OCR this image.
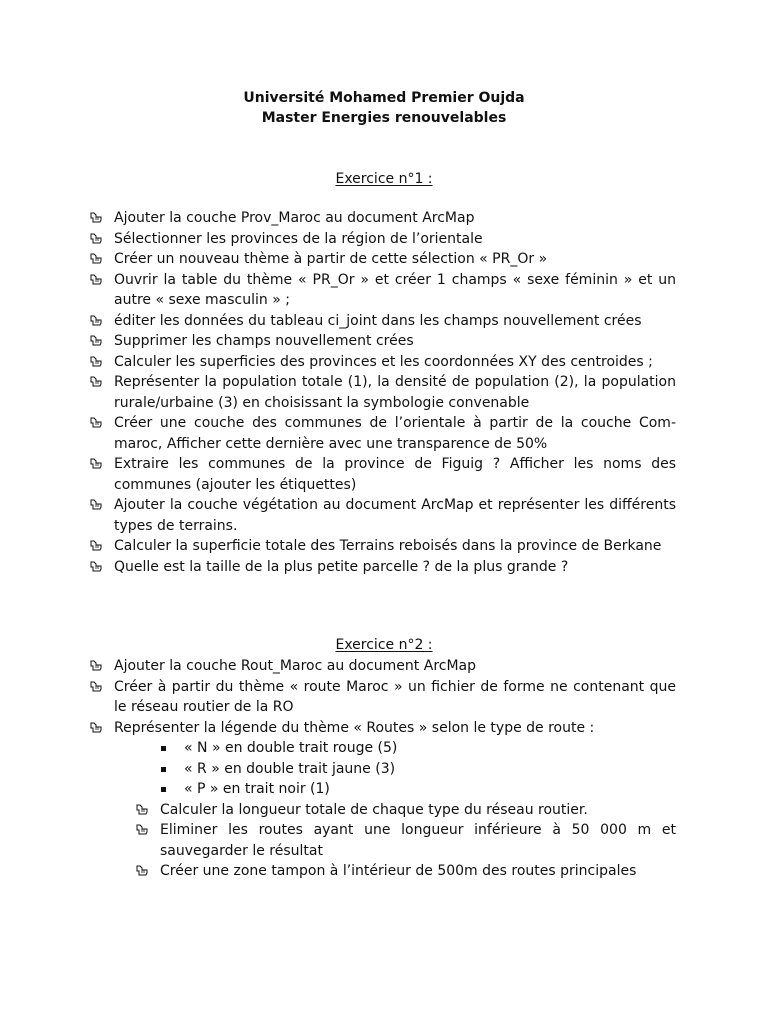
Université Mohamed Premier Oujda
Master Energies renouvelables
Exercice n°1 :
Ajouter la couche Prov_Maroc au document ArcMap
Sélectionner les provinces de la région de l’orientale
Créer un nouveau thème à partir de cette sélection « PR_Or »
Ouvrir la table du thème « PR_Or » et créer 1 champs « sexe féminin » et un autre « sexe masculin » ;
éditer les données du tableau ci_joint dans les champs nouvellement crées
Supprimer les champs nouvellement crées
Calculer les superficies des provinces et les coordonnées XY des centroides ;
Représenter la population totale (1), la densité de population (2), la population rurale/urbaine (3) en choisissant la symbologie convenable
Créer une couche des communes de l’orientale à partir de la couche Com-maroc, Afficher cette dernière avec une transparence de 50%
Extraire les communes de la province de Figuig ? Afficher les noms des communes (ajouter les étiquettes)
Ajouter la couche végétation au document ArcMap et représenter les différents types de terrains.
Calculer la superficie totale des Terrains reboisés dans la province de Berkane
Quelle est la taille de la plus petite parcelle ? de la plus grande ?
Exercice n°2 :
Ajouter la couche Rout_Maroc au document ArcMap
Créer à partir du thème « route Maroc » un fichier de forme ne contenant que le réseau routier de la RO
Représenter la légende du thème « Routes » selon le type de route :
« N » en double trait rouge (5)
« R » en double trait jaune (3)
« P » en trait noir (1)
Calculer la longueur totale de chaque type du réseau routier.
Eliminer les routes ayant une longueur inférieure à 50 000 m et sauvegarder le résultat
Créer une zone tampon à l’intérieur de 500m des routes principales
